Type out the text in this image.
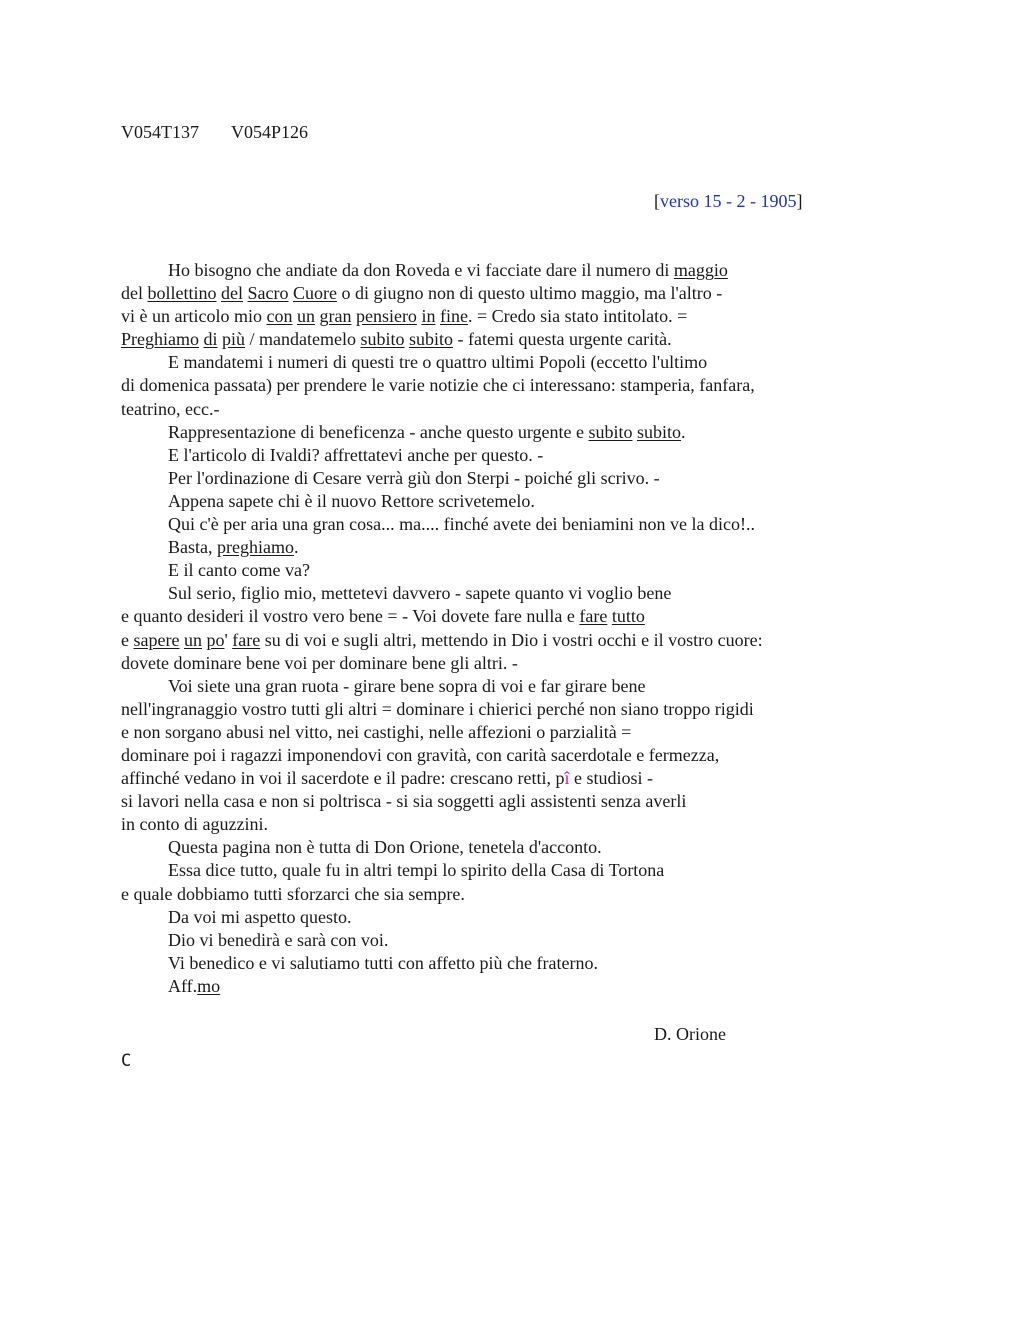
V054T137 V054P126
[verso 15 - 2 - 1905]
Ho bisogno che andiate da don Roveda e vi facciate dare il numero di maggio
del bollettino del Sacro Cuore o di giugno non di questo ultimo maggio, ma l'altro -
vi è un articolo mio con un gran pensiero in fine. = Credo sia stato intitolato. =
Preghiamo di più / mandatemelo subito subito - fatemi questa urgente carità.
E mandatemi i numeri di questi tre o quattro ultimi Popoli (eccetto l'ultimo
di domenica passata) per prendere le varie notizie che ci interessano: stamperia, fanfara,
teatrino, ecc.-
Rappresentazione di beneficenza - anche questo urgente e subito subito.
E l'articolo di Ivaldi? affrettatevi anche per questo. -
Per l'ordinazione di Cesare verrà giù don Sterpi - poiché gli scrivo. -
Appena sapete chi è il nuovo Rettore scrivetemelo.
Qui c'è per aria una gran cosa... ma.... finché avete dei beniamini non ve la dico!..
Basta, preghiamo.
E il canto come va?
Sul serio, figlio mio, mettetevi davvero - sapete quanto vi voglio bene
e quanto desideri il vostro vero bene = - Voi dovete fare nulla e fare tutto
e sapere un po' fare su di voi e sugli altri, mettendo in Dio i vostri occhi e il vostro cuore:
dovete dominare bene voi per dominare bene gli altri. -
Voi siete una gran ruota - girare bene sopra di voi e far girare bene
nell'ingranaggio vostro tutti gli altri = dominare i chierici perché non siano troppo rigidi
e non sorgano abusi nel vitto, nei castighi, nelle affezioni o parzialità =
dominare poi i ragazzi imponendovi con gravità, con carità sacerdotale e fermezza,
affinché vedano in voi il sacerdote e il padre: crescano retti, pî e studiosi -
si lavori nella casa e non si poltrisca - si sia soggetti agli assistenti senza averli
in conto di aguzzini.
Questa pagina non è tutta di Don Orione, tenetela d'acconto.
Essa dice tutto, quale fu in altri tempi lo spirito della Casa di Tortona
e quale dobbiamo tutti sforzarci che sia sempre.
Da voi mi aspetto questo.
Dio vi benedirà e sarà con voi.
Vi benedico e vi salutiamo tutti con affetto più che fraterno.
Aff.mo
D. Orione
C
